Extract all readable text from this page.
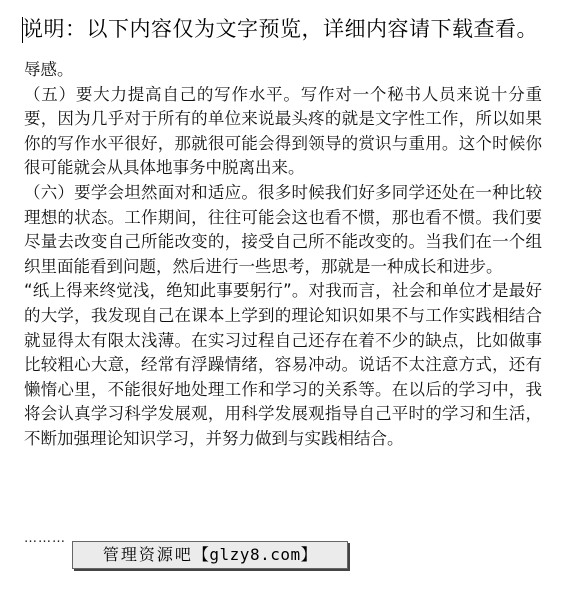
说明：以下内容仅为文字预览，详细内容请下载查看。

辱感。

（五）要大力提高自己的写作水平。写作对一个秘书人员来说十分重要，因为几乎对于所有的单位来说最头疼的就是文字性工作，所以如果你的写作水平很好，那就很可能会得到领导的赏识与重用。这个时候你很可能就会从具体地事务中脱离出来。

（六）要学会坦然面对和适应。很多时候我们好多同学还处在一种比较理想的状态。工作期间，往往可能会这也看不惯，那也看不惯。我们要尽量去改变自己所能改变的，接受自己所不能改变的。当我们在一个组织里面能看到问题，然后进行一些思考，那就是一种成长和进步。

“纸上得来终觉浅，绝知此事要躬行”。对我而言，社会和单位才是最好的大学，我发现自己在课本上学到的理论知识如果不与工作实践相结合就显得太有限太浅薄。在实习过程自己还存在着不少的缺点，比如做事比较粗心大意，经常有浮躁情绪，容易冲动。说话不太注意方式，还有懒惰心里，不能很好地处理工作和学习的关系等。在以后的学习中，我将会认真学习科学发展观，用科学发展观指导自己平时的学习和生活，不断加强理论知识学习，并努力做到与实践相结合。

………
管理资源吧【glzy8.com】
